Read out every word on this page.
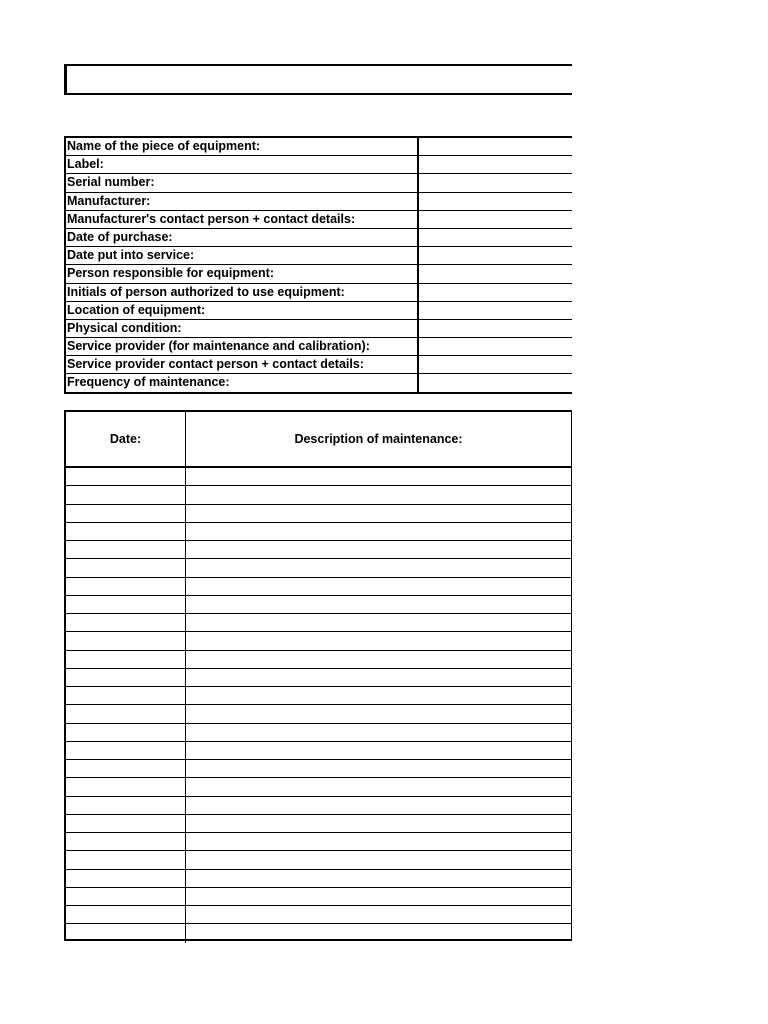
Name of the piece of equipment:
Label:
Serial number:
Manufacturer:
Manufacturer's contact person + contact details:
Date of purchase:
Date put into service:
Person responsible for equipment:
Initials of person authorized to use equipment:
Location of equipment:
Physical condition:
Service provider (for maintenance and calibration):
Service provider contact person + contact details:
Frequency of maintenance:
Date:	Description of maintenance:
